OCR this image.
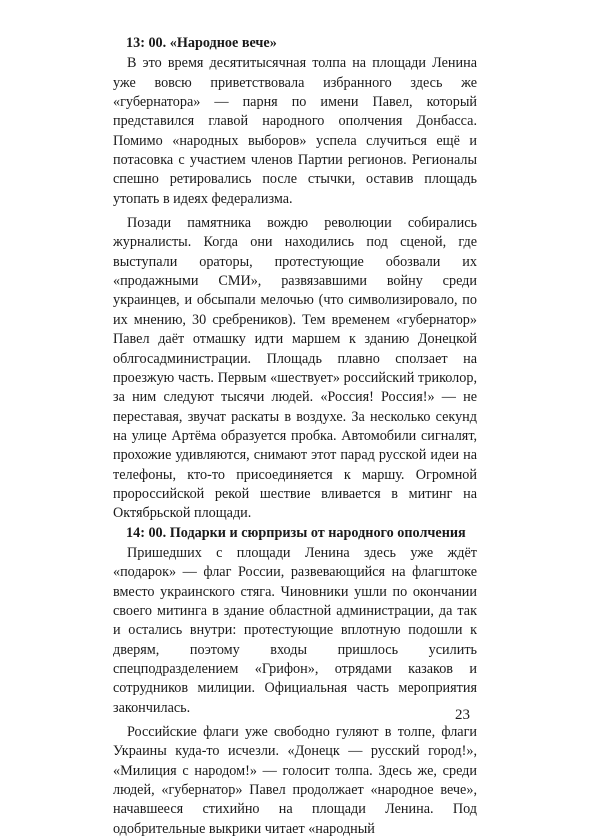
13: 00. «Народное вече»

В это время десятитысячная толпа на площади Ленина уже вовсю приветствовала избранного здесь же «губернатора» — парня по имени Павел, который представился главой народного ополчения Донбасса. Помимо «народных выборов» успела случиться ещё и потасовка с участием членов Партии регионов. Регионалы спешно ретировались после стычки, оставив площадь утопать в идеях федерализма.

Позади памятника вождю революции собирались журналисты. Когда они находились под сценой, где выступали ораторы, протестующие обозвали их «продажными СМИ», развязавшими войну среди украинцев, и обсыпали мелочью (что символизировало, по их мнению, 30 сребреников). Тем временем «губернатор» Павел даёт отмашку идти маршем к зданию Донецкой облгосадминистрации. Площадь плавно сползает на проезжую часть. Первым «шествует» российский триколор, за ним следуют тысячи людей. «Россия! Россия!» — не переставая, звучат раскаты в воздухе. За несколько секунд на улице Артёма образуется пробка. Автомобили сигналят, прохожие удивляются, снимают этот парад русской идеи на телефоны, кто-то присоединяется к маршу. Огромной пророссийской рекой шествие вливается в митинг на Октябрьской площади.

14: 00. Подарки и сюрпризы от народного ополчения

Пришедших с площади Ленина здесь уже ждёт «подарок» — флаг России, развевающийся на флагштоке вместо украинского стяга. Чиновники ушли по окончании своего митинга в здание областной администрации, да так и остались внутри: протестующие вплотную подошли к дверям, поэтому входы пришлось усилить спецподразделением «Грифон», отрядами казаков и сотрудников милиции. Официальная часть мероприятия закончилась.

Российские флаги уже свободно гуляют в толпе, флаги Украины куда-то исчезли. «Донецк — русский город!», «Милиция с народом!» — голосит толпа. Здесь же, среди людей, «губернатор» Павел продолжает «народное вече», начавшееся стихийно на площади Ленина. Под одобрительные выкрики читает «народный

23
